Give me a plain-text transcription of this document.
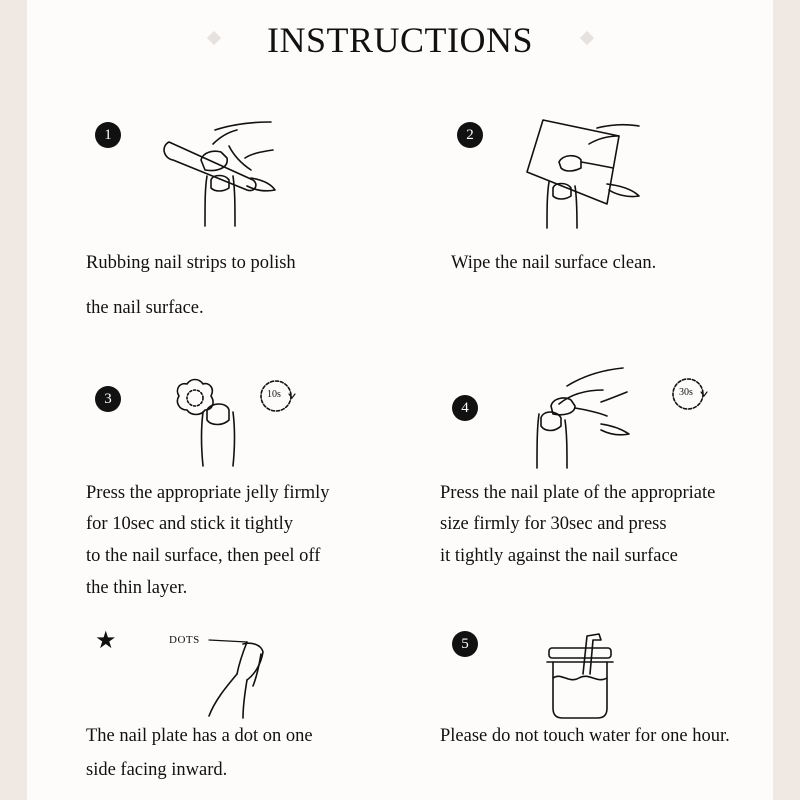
INSTRUCTIONS
1
Rubbing nail strips to polish
the nail surface.
2
Wipe the nail surface clean.
3	10s
Press the appropriate jelly firmly
for 10sec and stick it tightly
to the nail surface, then peel off
the thin layer.
4
30s
Press the nail plate of the appropriate
size firmly for 30sec and press
it tightly against the nail surface
★	DOTS
The nail plate has a dot on one
side facing inward.
5
Please do not touch water for one hour.
